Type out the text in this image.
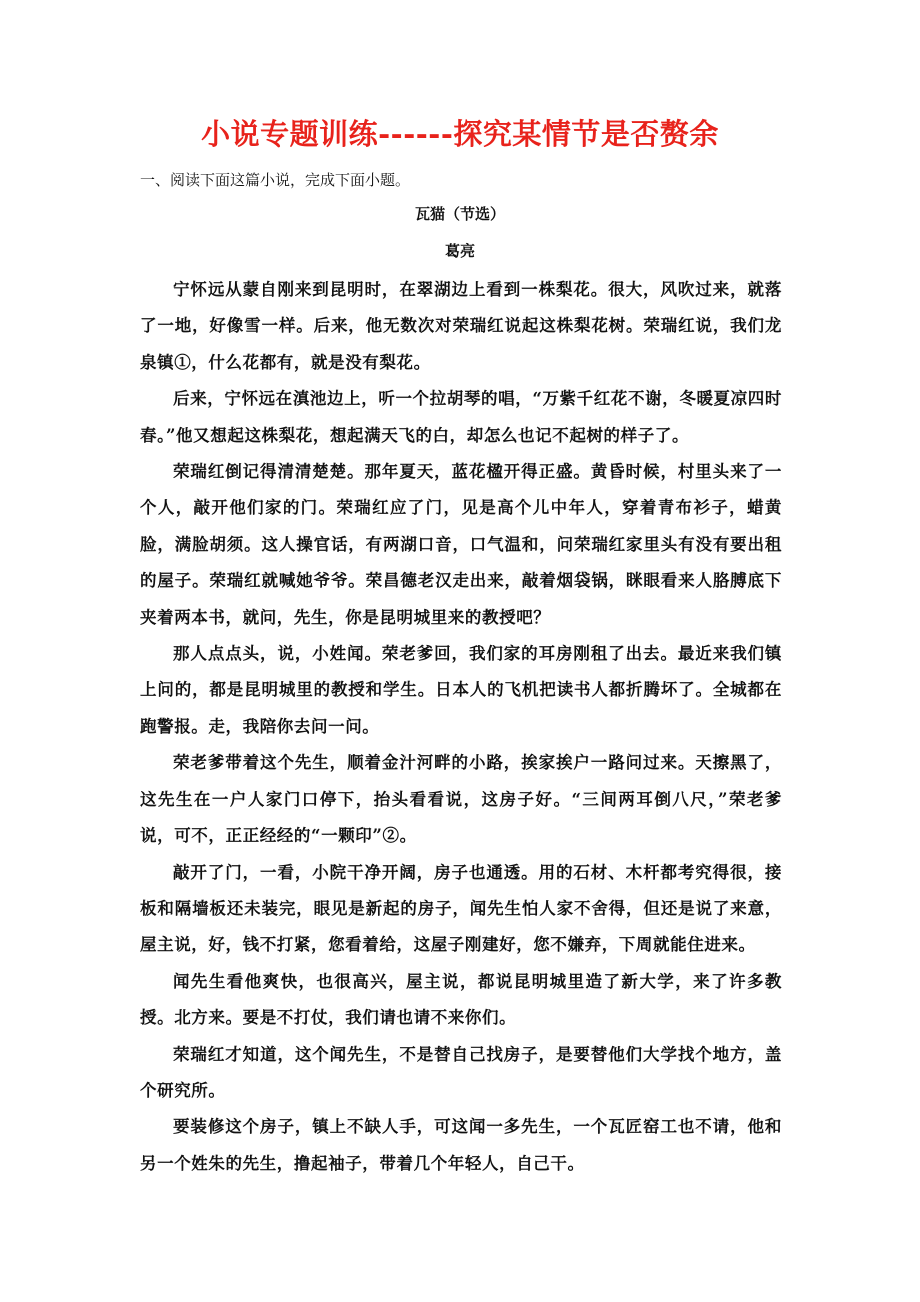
小说专题训练------探究某情节是否赘余
一、阅读下面这篇小说，完成下面小题。
瓦猫（节选）
葛亮

宁怀远从蒙自刚来到昆明时，在翠湖边上看到一株梨花。很大，风吹过来，就落了一地，好像雪一样。后来，他无数次对荣瑞红说起这株梨花树。荣瑞红说，我们龙泉镇①，什么花都有，就是没有梨花。

后来，宁怀远在滇池边上，听一个拉胡琴的唱，“万紫千红花不谢，冬暖夏凉四时春。”他又想起这株梨花，想起满天飞的白，却怎么也记不起树的样子了。

荣瑞红倒记得清清楚楚。那年夏天，蓝花楹开得正盛。黄昏时候，村里头来了一个人，敲开他们家的门。荣瑞红应了门，见是高个儿中年人，穿着青布衫子，蜡黄脸，满脸胡须。这人操官话，有两湖口音，口气温和，问荣瑞红家里头有没有要出租的屋子。荣瑞红就喊她爷爷。荣昌德老汉走出来，敲着烟袋锅，眯眼看来人胳膊底下夹着两本书，就问，先生，你是昆明城里来的教授吧？

那人点点头，说，小姓闻。荣老爹回，我们家的耳房刚租了出去。最近来我们镇上问的，都是昆明城里的教授和学生。日本人的飞机把读书人都折腾坏了。全城都在跑警报。走，我陪你去问一问。

荣老爹带着这个先生，顺着金汁河畔的小路，挨家挨户一路问过来。天擦黑了，这先生在一户人家门口停下，抬头看看说，这房子好。“三间两耳倒八尺，”荣老爹说，可不，正正经经的“一颗印”②。

敲开了门，一看，小院干净开阔，房子也通透。用的石材、木杆都考究得很，接板和隔墙板还未装完，眼见是新起的房子，闻先生怕人家不舍得，但还是说了来意，屋主说，好，钱不打紧，您看着给，这屋子刚建好，您不嫌弃，下周就能住进来。

闻先生看他爽快，也很高兴，屋主说，都说昆明城里造了新大学，来了许多教授。北方来。要是不打仗，我们请也请不来你们。

荣瑞红才知道，这个闻先生，不是替自己找房子，是要替他们大学找个地方，盖个研究所。

要装修这个房子，镇上不缺人手，可这闻一多先生，一个瓦匠窑工也不请，他和另一个姓朱的先生，撸起袖子，带着几个年轻人，自己干。
